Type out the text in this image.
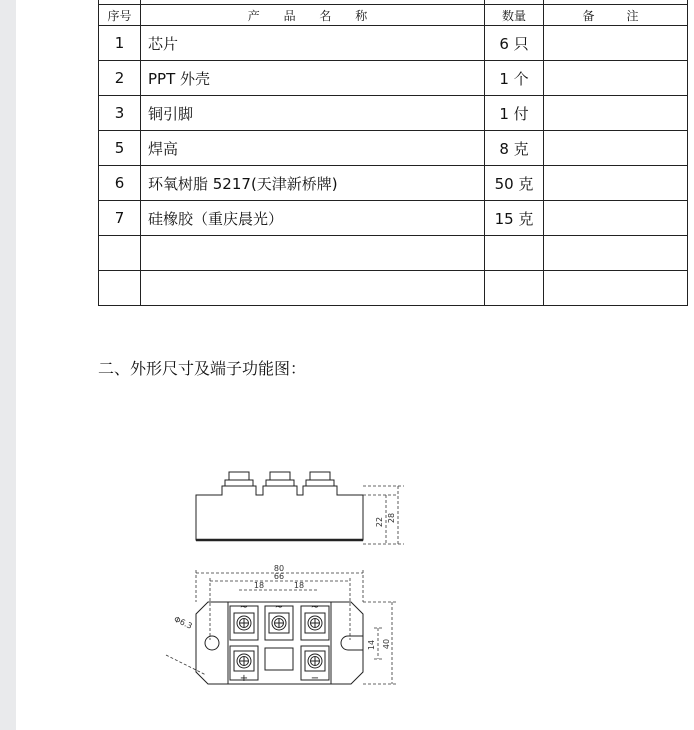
序号	产 品 名 称	数量	备　注
1	芯片	6 只	
2	PPT 外壳	1 个	
3	铜引脚	1 付	
5	焊高	8 克	
6	环氧树脂 5217(天津新桥牌)	50 克	
7	硅橡胶（重庆晨光）	15 克	

二、外形尺寸及端子功能图：
22 28
80
66
18	18
Φ6.3
14 40
~	~	~
+	−
